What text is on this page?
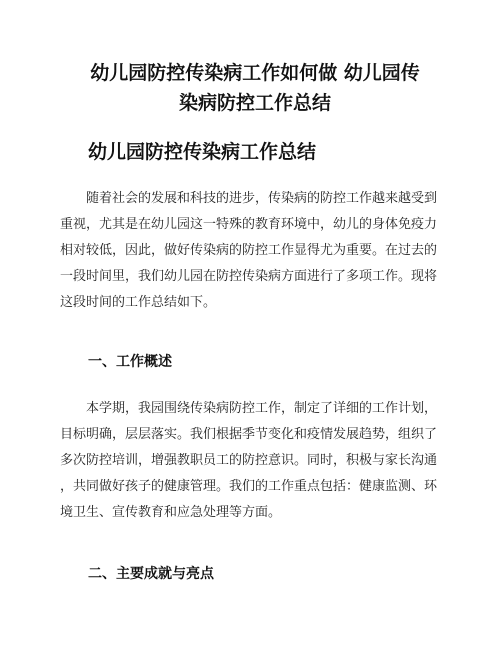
幼儿园防控传染病工作如何做 幼儿园传
染病防控工作总结
幼儿园防控传染病工作总结
随着社会的发展和科技的进步，传染病的防控工作越来越受到
重视，尤其是在幼儿园这一特殊的教育环境中，幼儿的身体免疫力
相对较低，因此，做好传染病的防控工作显得尤为重要。在过去的
一段时间里，我们幼儿园在防控传染病方面进行了多项工作。现将
这段时间的工作总结如下。
一、工作概述
本学期，我园围绕传染病防控工作，制定了详细的工作计划，
目标明确，层层落实。我们根据季节变化和疫情发展趋势，组织了
多次防控培训，增强教职员工的防控意识。同时，积极与家长沟通
，共同做好孩子的健康管理。我们的工作重点包括：健康监测、环
境卫生、宣传教育和应急处理等方面。
二、主要成就与亮点
